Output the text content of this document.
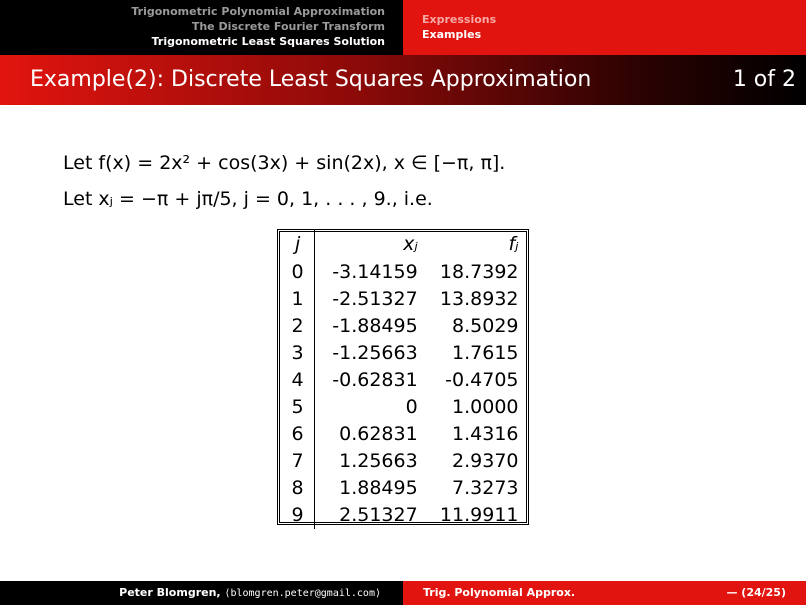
Trigonometric Polynomial Approximation
The Discrete Fourier Transform
Trigonometric Least Squares Solution
Expressions
Examples
Example(2): Discrete Least Squares Approximation	1 of 2
Let f(x) = 2x² + cos(3x) + sin(2x), x ∈ [−π, π].
Let xⱼ = −π + jπ/5, j = 0, 1, . . . , 9., i.e.
j	xⱼ	fⱼ
0	-3.14159	18.7392
1	-2.51327	13.8932
2	-1.88495	8.5029
3	-1.25663	1.7615
4	-0.62831	-0.4705
5	0	1.0000
6	0.62831	1.4316
7	1.25663	2.9370
8	1.88495	7.3273
9	2.51327	11.9911
Peter Blomgren, ⟨blomgren.peter@gmail.com⟩	Trig. Polynomial Approx.	— (24/25)
